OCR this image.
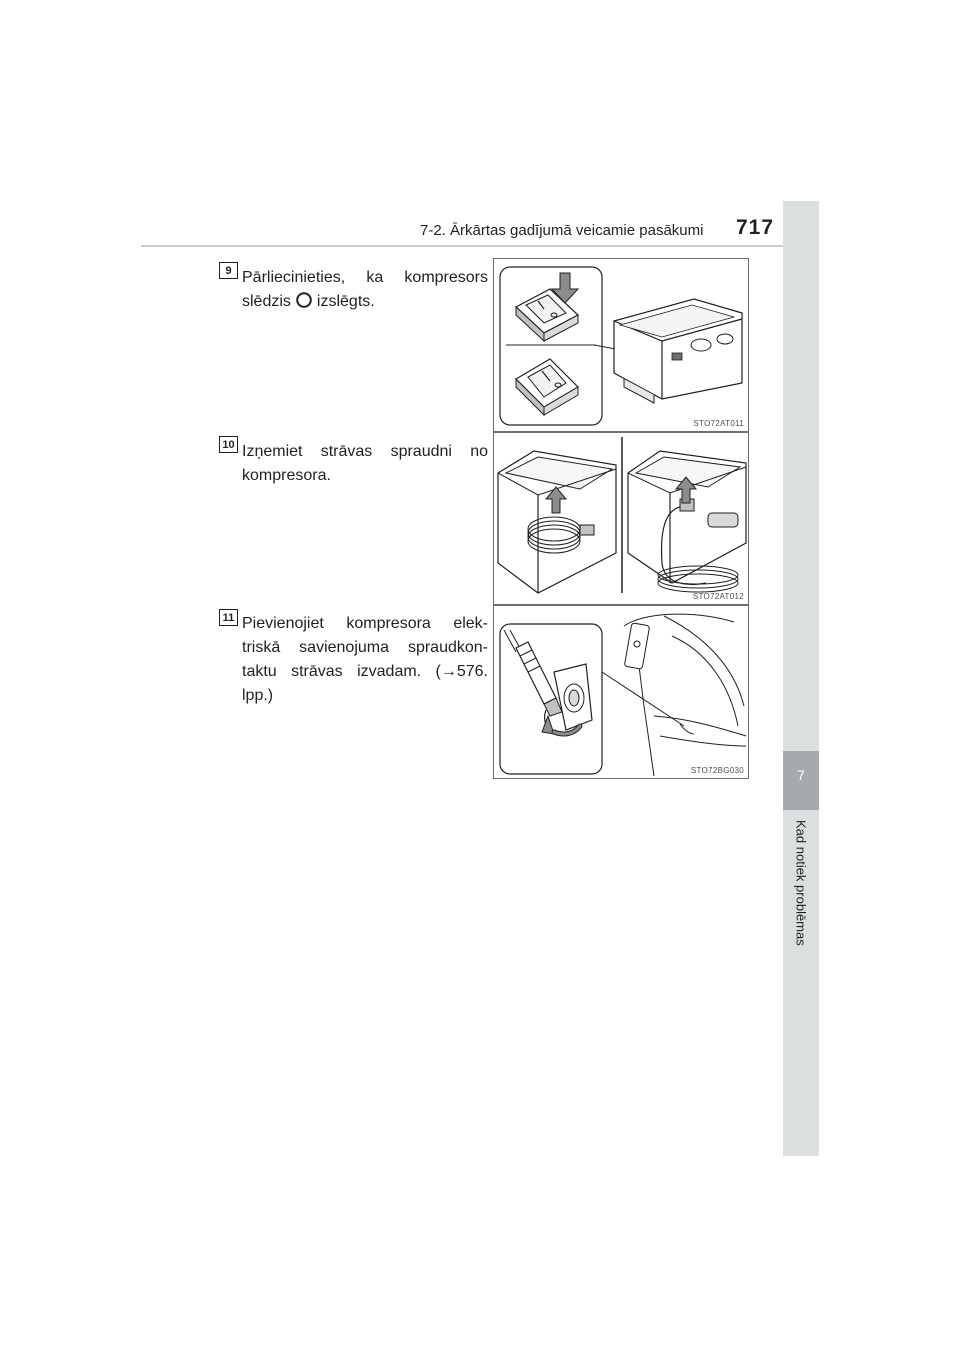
7-2. Ārkārtas gadījumā veicamie pasākumi 717
7
Kad notiek problēmas
9 Pārliecinieties, ka kompresors
slēdzis izslēgts.
STO72AT011
10 Izņemiet strāvas spraudni no kompresora.
STO72AT012
11 Pievienojiet kompresora elek-triskā savienojuma spraudkon-taktu strāvas izvadam. (→576. lpp.)
STO72BG030
